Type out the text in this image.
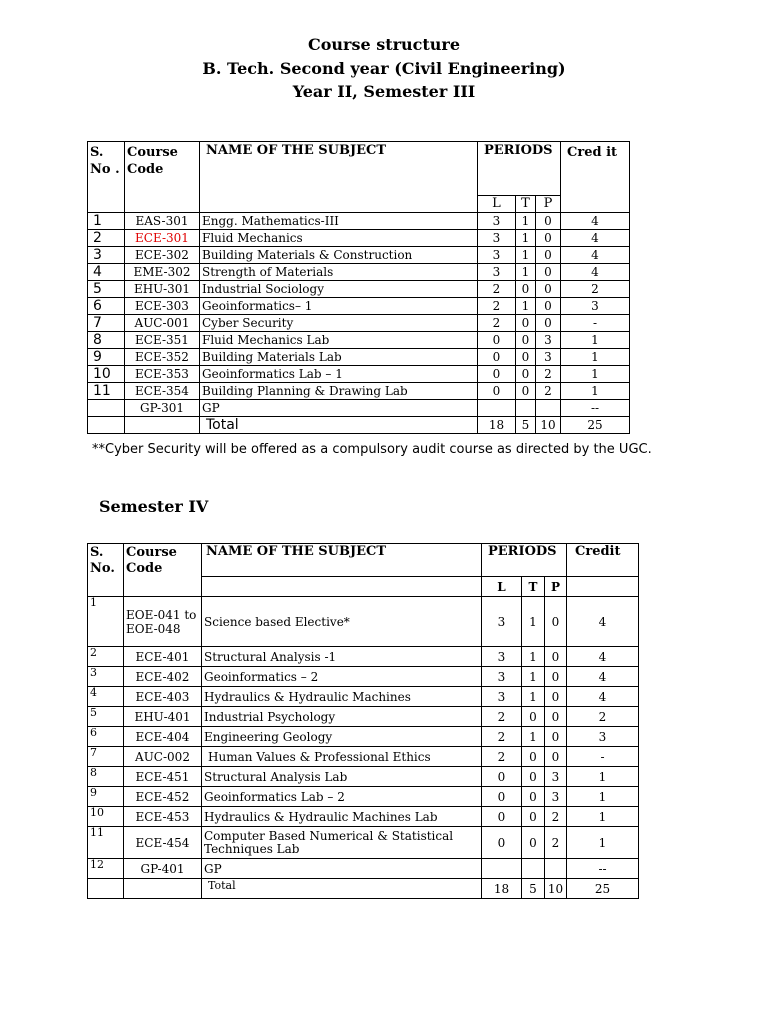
Course structure
B. Tech. Second year (Civil Engineering)
Year II, Semester III
S. No .	Course Code	NAME OF THE SUBJECT	PERIODS			Cred it
			L	T	P	
1	EAS-301	Engg. Mathematics-III	3	1	0	4
2	ECE-301	Fluid Mechanics	3	1	0	4
3	ECE-302	Building Materials & Construction	3	1	0	4
4	EME-302	Strength of Materials	3	1	0	4
5	EHU-301	Industrial Sociology	2	0	0	2
6	ECE-303	Geoinformatics– 1	2	1	0	3
7	AUC-001	Cyber Security	2	0	0	-
8	ECE-351	Fluid Mechanics Lab	0	0	3	1
9	ECE-352	Building Materials Lab	0	0	3	1
10	ECE-353	Geoinformatics Lab – 1	0	0	2	1
11	ECE-354	Building Planning & Drawing Lab	0	0	2	1
	GP-301	GP				--
		Total	18	5	10	25
**Cyber Security will be offered as a compulsory audit course as directed by the UGC.
Semester IV
S. No.	Course Code	NAME OF THE SUBJECT	PERIODS			Credit
			L	T	P	
1	EOE-041 to EOE-048	Science based Elective*	3	1	0	4
2	ECE-401	Structural Analysis -1	3	1	0	4
3	ECE-402	Geoinformatics – 2	3	1	0	4
4	ECE-403	Hydraulics & Hydraulic Machines	3	1	0	4
5	EHU-401	Industrial Psychology	2	0	0	2
6	ECE-404	Engineering Geology	2	1	0	3
7	AUC-002	Human Values & Professional Ethics	2	0	0	-
8	ECE-451	Structural Analysis Lab	0	0	3	1
9	ECE-452	Geoinformatics Lab – 2	0	0	3	1
10	ECE-453	Hydraulics & Hydraulic Machines Lab	0	0	2	1
11	ECE-454	Computer Based Numerical & Statistical Techniques Lab	0	0	2	1
12	GP-401	GP				--
		Total	18	5	10	25
